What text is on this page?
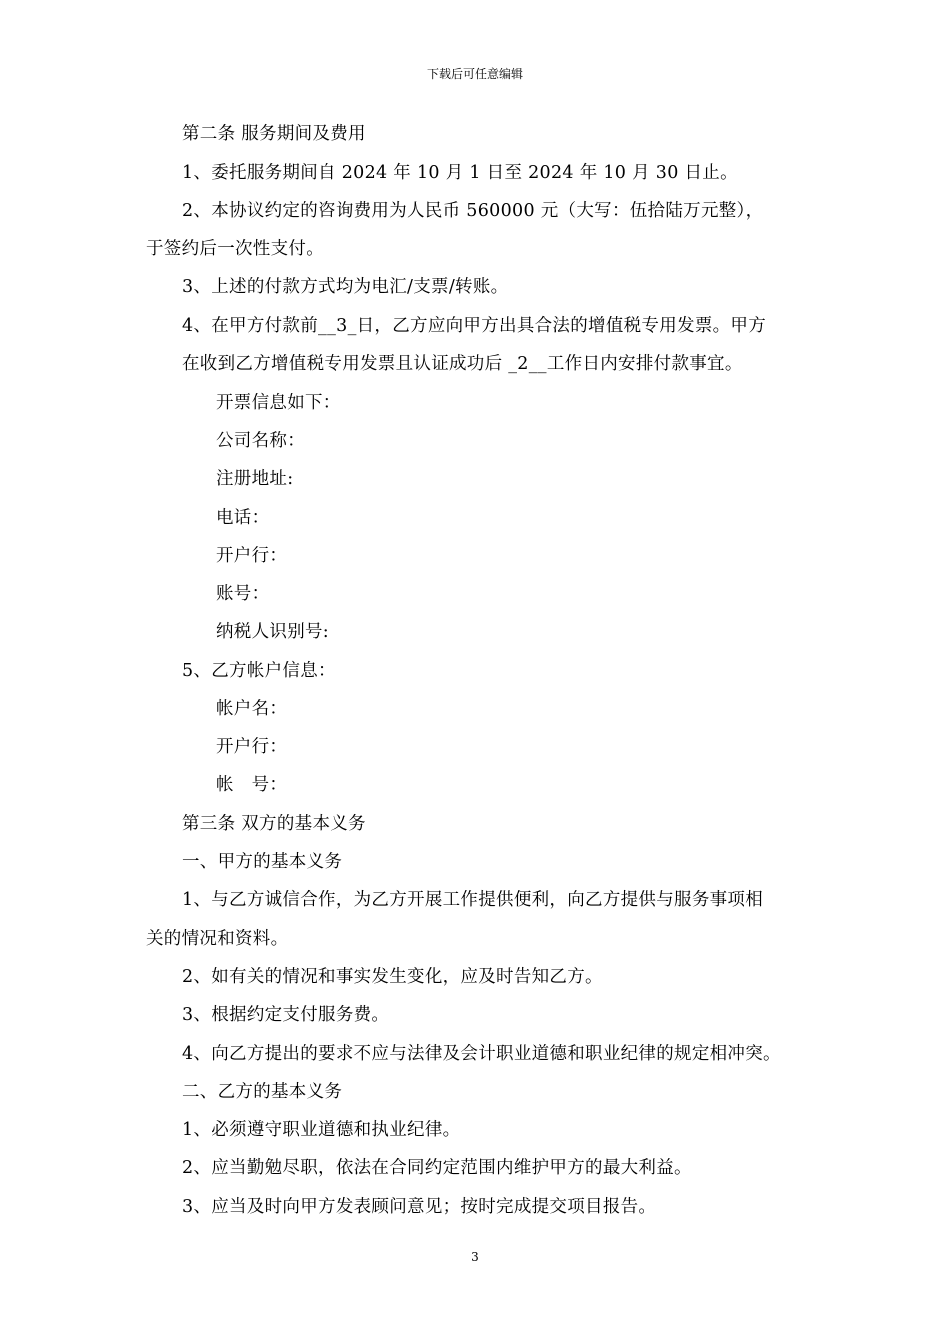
下载后可任意编辑
第二条 服务期间及费用
1、委托服务期间自 2024 年 10 月 1 日至 2024 年 10 月 30 日止。
2、本协议约定的咨询费用为人民币 560000 元（大写：伍拾陆万元整），
于签约后一次性支付。
3、上述的付款方式均为电汇/支票/转账。
4、在甲方付款前__3_日，乙方应向甲方出具合法的增值税专用发票。甲方
在收到乙方增值税专用发票且认证成功后 _2__工作日内安排付款事宜。
开票信息如下：
公司名称：
注册地址:
电话：
开户行：
账号：
纳税人识别号:
5、乙方帐户信息：
帐户名：
开户行：
帐　号：
第三条 双方的基本义务
一、甲方的基本义务
1、与乙方诚信合作，为乙方开展工作提供便利，向乙方提供与服务事项相
关的情况和资料。
2、如有关的情况和事实发生变化，应及时告知乙方。
3、根据约定支付服务费。
4、向乙方提出的要求不应与法律及会计职业道德和职业纪律的规定相冲突。
二、乙方的基本义务
1、必须遵守职业道德和执业纪律。
2、应当勤勉尽职，依法在合同约定范围内维护甲方的最大利益。
3、应当及时向甲方发表顾问意见；按时完成提交项目报告。
3
